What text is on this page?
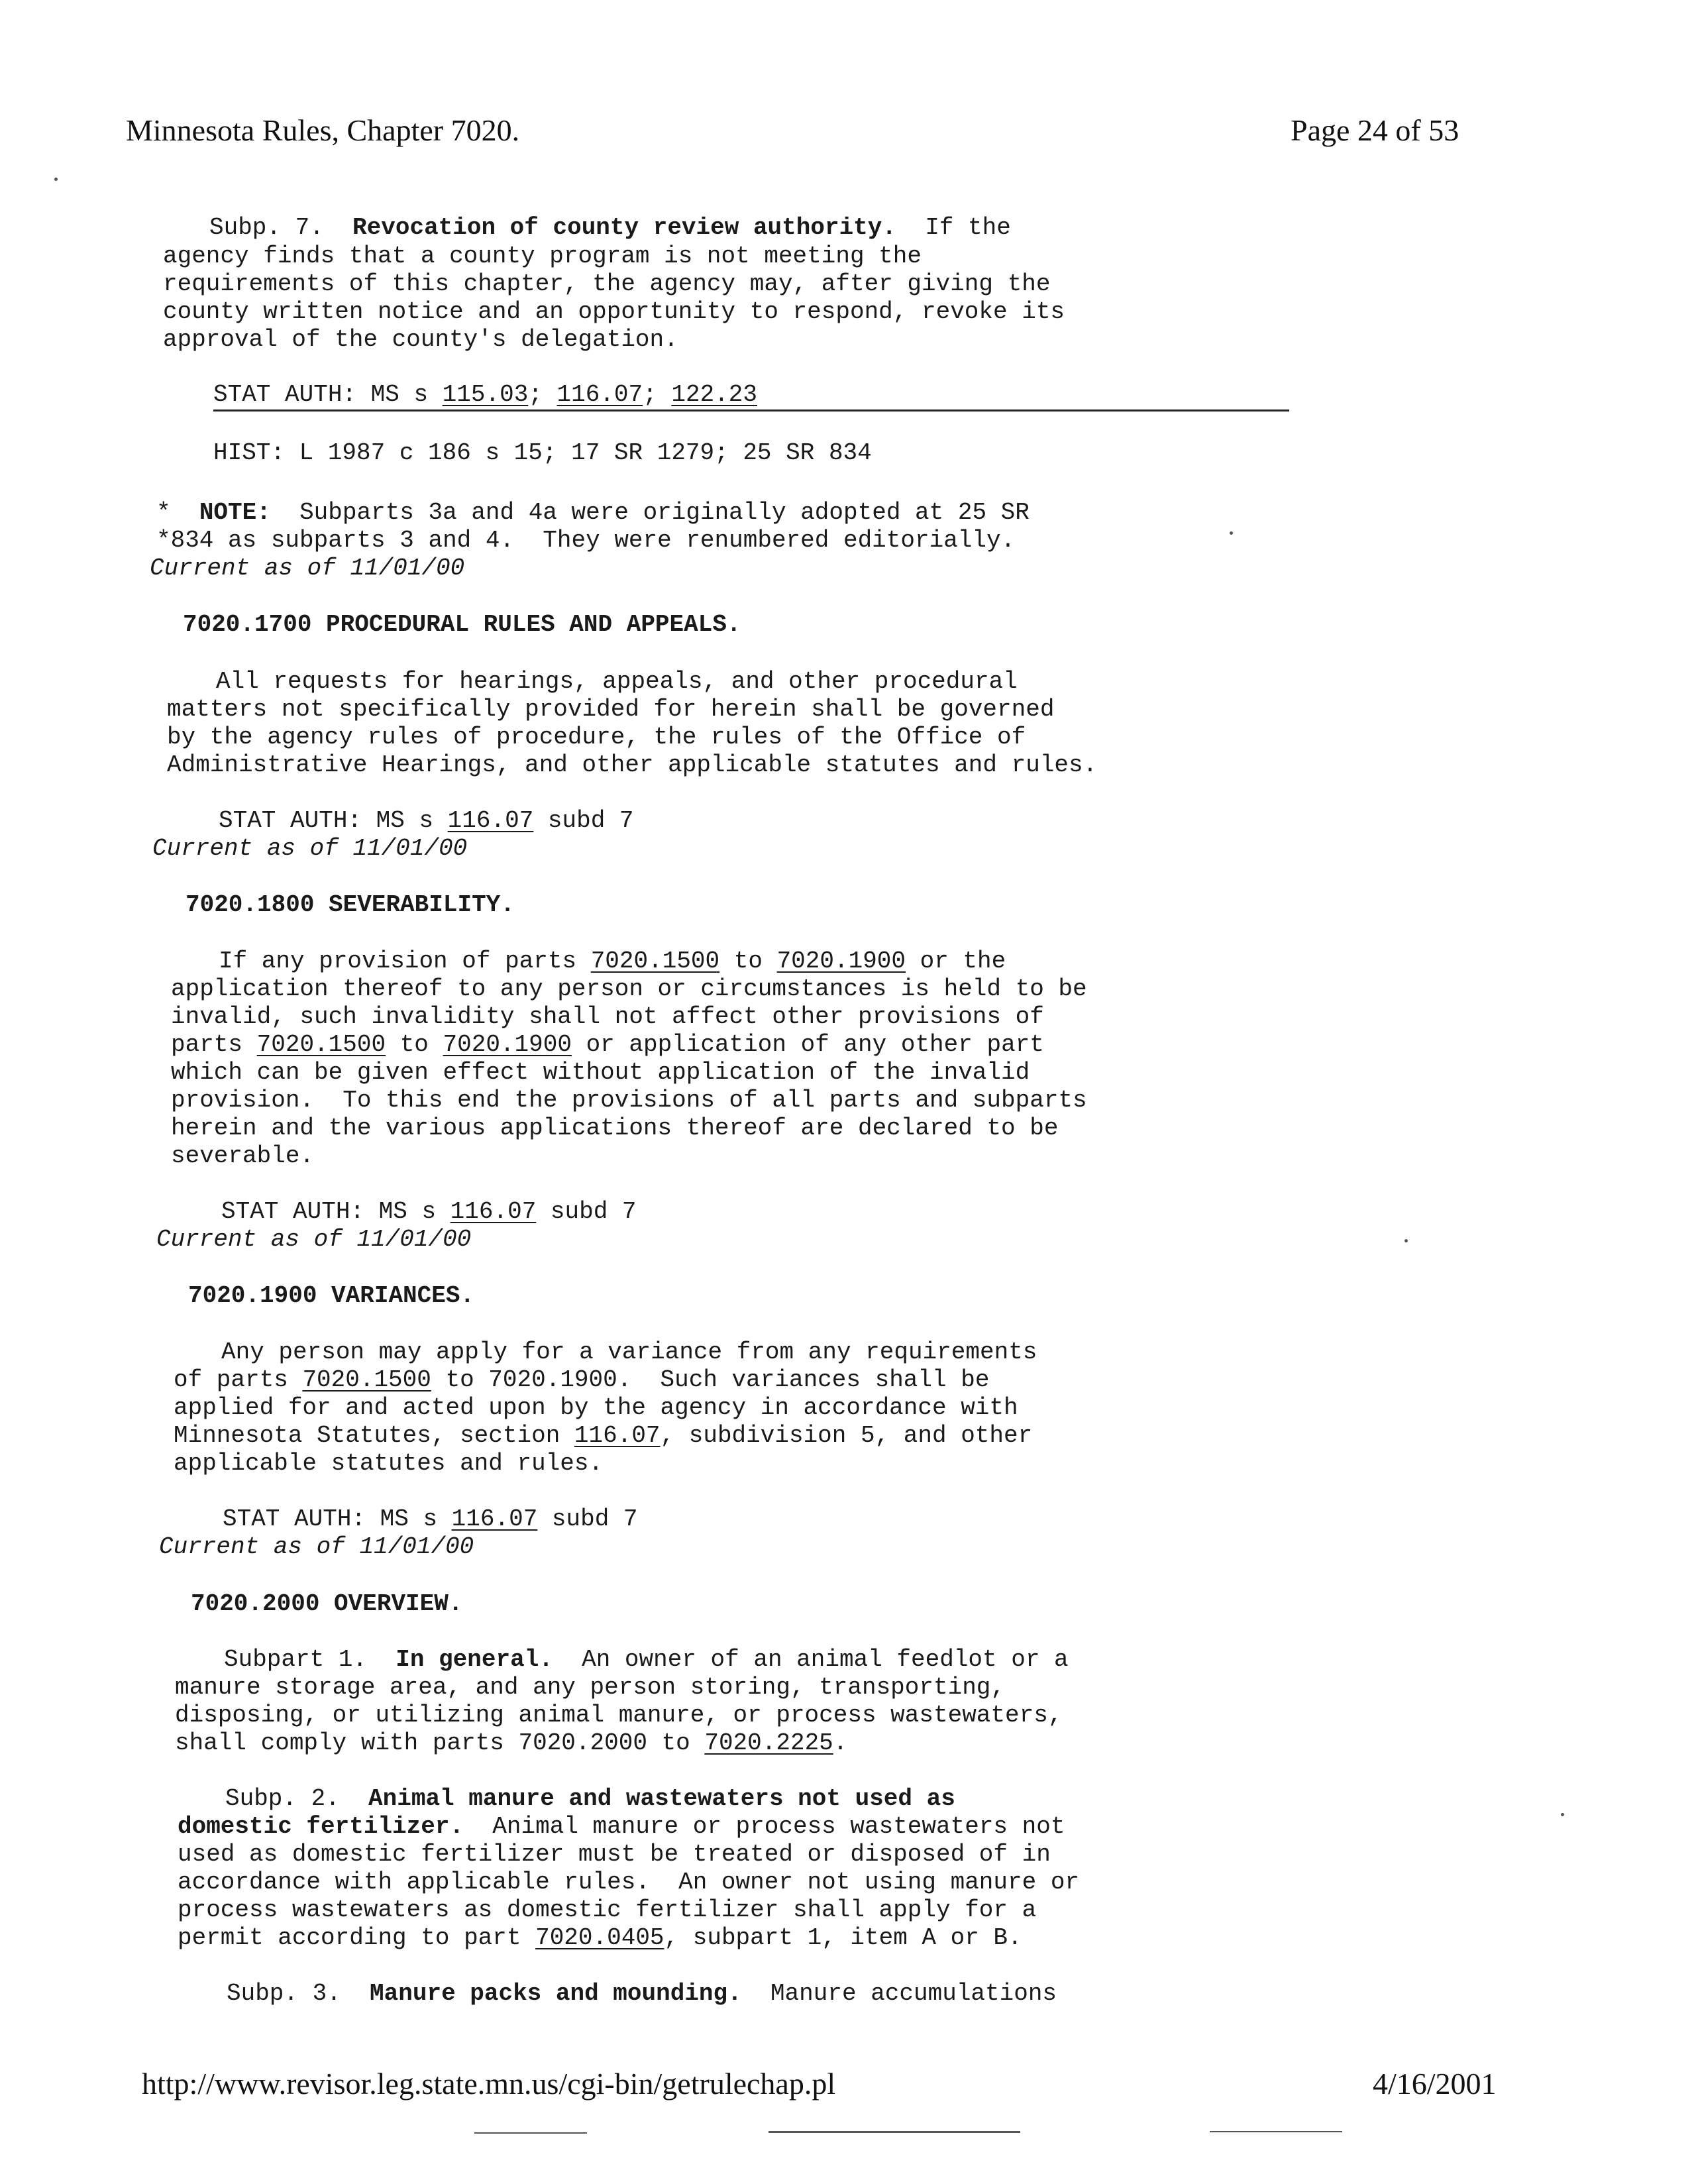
Minnesota Rules, Chapter 7020.	Page 24 of 53
Subp. 7. Revocation of county review authority. If the
agency finds that a county program is not meeting the
requirements of this chapter, the agency may, after giving the
county written notice and an opportunity to respond, revoke its
approval of the county's delegation.
STAT AUTH: MS s 115.03; 116.07; 122.23
HIST: L 1987 c 186 s 15; 17 SR 1279; 25 SR 834
* NOTE: Subparts 3a and 4a were originally adopted at 25 SR
*834 as subparts 3 and 4.  They were renumbered editorially.
Current as of 11/01/00
7020.1700 PROCEDURAL RULES AND APPEALS.
All requests for hearings, appeals, and other procedural
matters not specifically provided for herein shall be governed
by the agency rules of procedure, the rules of the Office of
Administrative Hearings, and other applicable statutes and rules.
STAT AUTH: MS s 116.07 subd 7
Current as of 11/01/00
7020.1800 SEVERABILITY.
If any provision of parts 7020.1500 to 7020.1900 or the
application thereof to any person or circumstances is held to be
invalid, such invalidity shall not affect other provisions of
parts 7020.1500 to 7020.1900 or application of any other part
which can be given effect without application of the invalid
provision.  To this end the provisions of all parts and subparts
herein and the various applications thereof are declared to be
severable.
STAT AUTH: MS s 116.07 subd 7
Current as of 11/01/00
7020.1900 VARIANCES.
Any person may apply for a variance from any requirements
of parts 7020.1500 to 7020.1900.  Such variances shall be
applied for and acted upon by the agency in accordance with
Minnesota Statutes, section 116.07, subdivision 5, and other
applicable statutes and rules.
STAT AUTH: MS s 116.07 subd 7
Current as of 11/01/00
7020.2000 OVERVIEW.
Subpart 1. In general. An owner of an animal feedlot or a
manure storage area, and any person storing, transporting,
disposing, or utilizing animal manure, or process wastewaters,
shall comply with parts 7020.2000 to 7020.2225.
Subp. 2. Animal manure and wastewaters not used as
domestic fertilizer. Animal manure or process wastewaters not
used as domestic fertilizer must be treated or disposed of in
accordance with applicable rules.  An owner not using manure or
process wastewaters as domestic fertilizer shall apply for a
permit according to part 7020.0405, subpart 1, item A or B.
Subp. 3. Manure packs and mounding. Manure accumulations
http://www.revisor.leg.state.mn.us/cgi-bin/getrulechap.pl	4/16/2001
